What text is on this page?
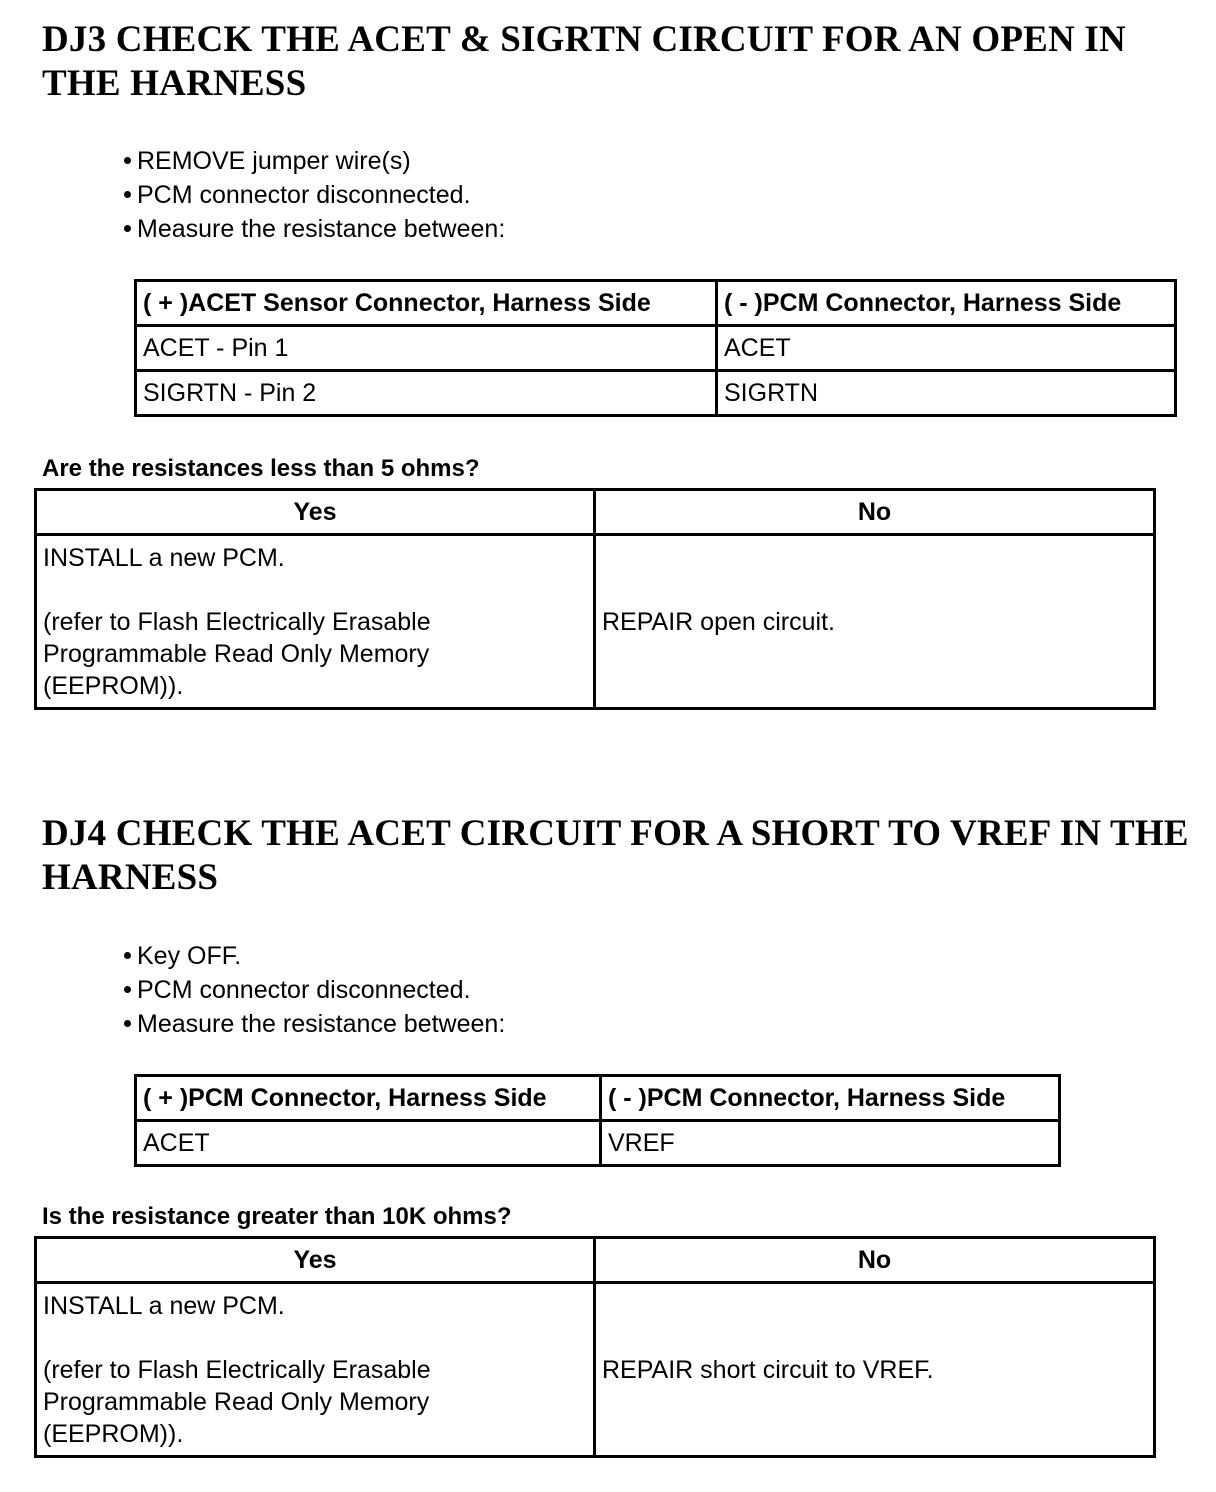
DJ3 CHECK THE ACET & SIGRTN CIRCUIT FOR AN OPEN IN THE HARNESS
REMOVE jumper wire(s)
PCM connector disconnected.
Measure the resistance between:
( + )ACET Sensor Connector, Harness Side	( - )PCM Connector, Harness Side
ACET - Pin 1	ACET
SIGRTN - Pin 2	SIGRTN

Are the resistances less than 5 ohms?

Yes	No
INSTALL a new PCM.
(refer to Flash Electrically Erasable Programmable Read Only Memory (EEPROM)).	REPAIR open circuit.
DJ4 CHECK THE ACET CIRCUIT FOR A SHORT TO VREF IN THE HARNESS
Key OFF.
PCM connector disconnected.
Measure the resistance between:
( + )PCM Connector, Harness Side	( - )PCM Connector, Harness Side
ACET	VREF

Is the resistance greater than 10K ohms?

Yes	No
INSTALL a new PCM.
(refer to Flash Electrically Erasable Programmable Read Only Memory (EEPROM)).	REPAIR short circuit to VREF.
